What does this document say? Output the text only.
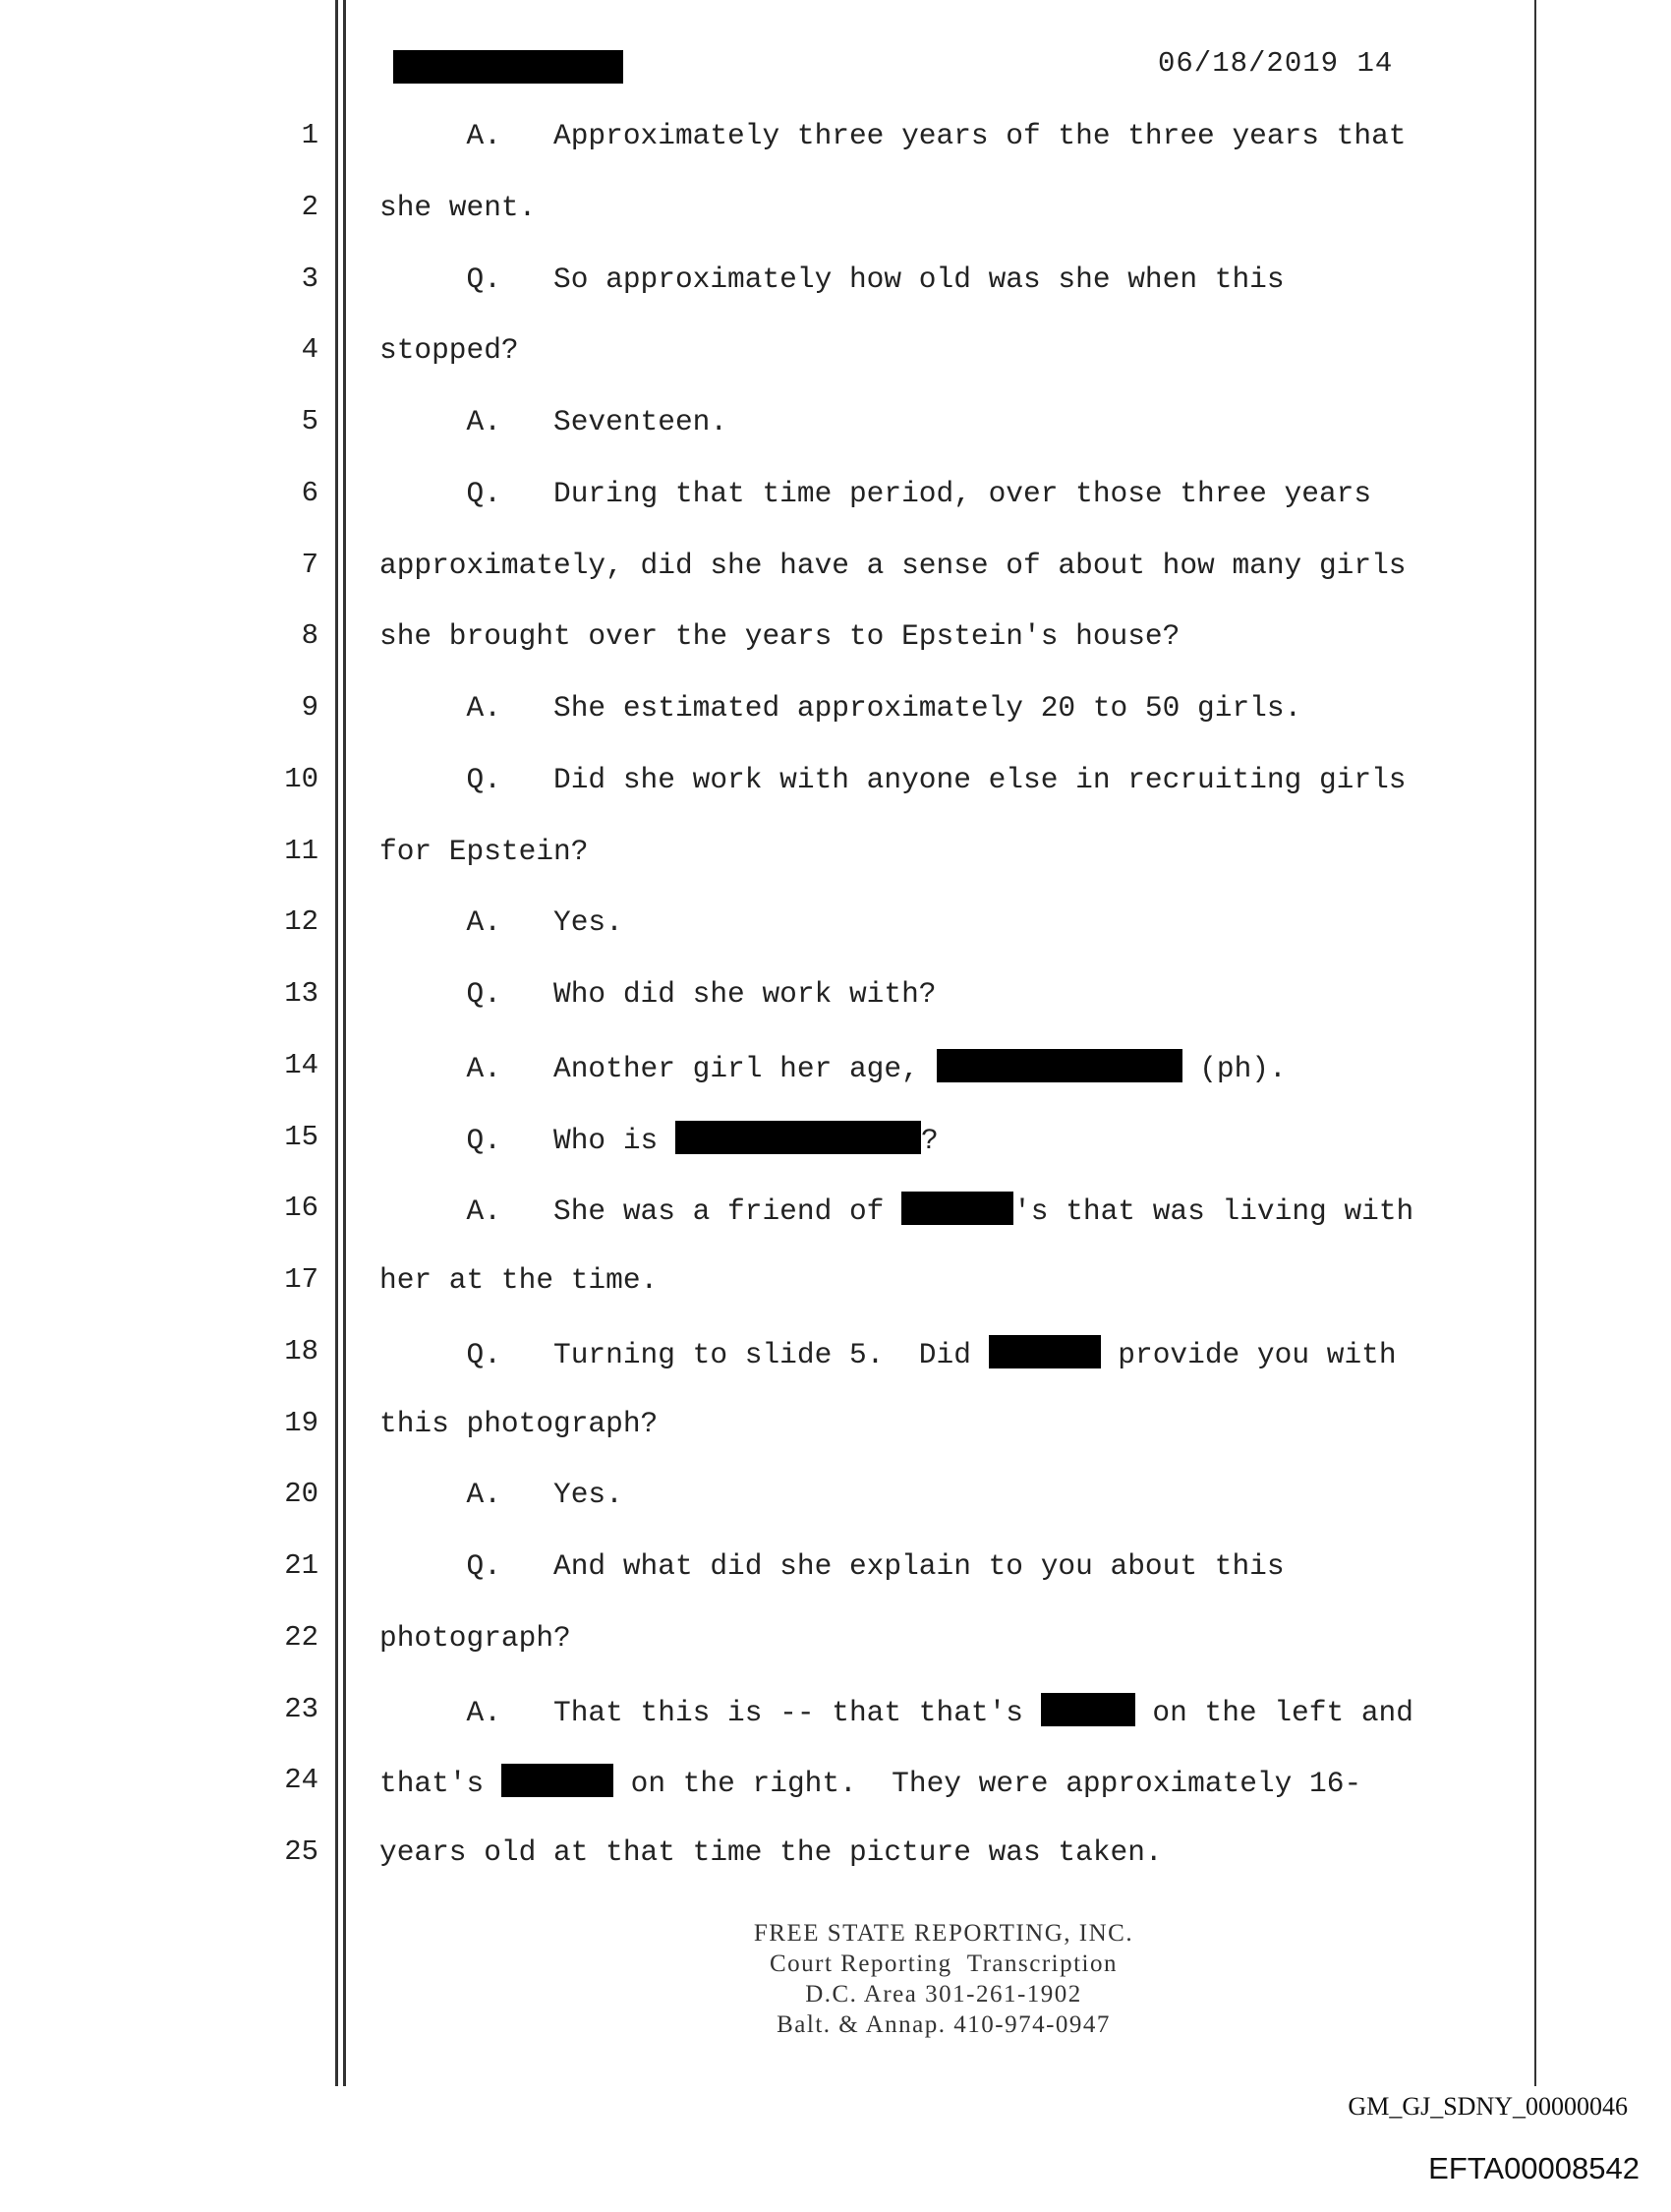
06/18/2019 14
1 A.   Approximately three years of the three years that
2 she went.
3 Q.   So approximately how old was she when this
4 stopped?
5 A.   Seventeen.
6 Q.   During that time period, over those three years
7 approximately, did she have a sense of about how many girls
8 she brought over the years to Epstein's house?
9 A.   She estimated approximately 20 to 50 girls.
10 Q.   Did she work with anyone else in recruiting girls
11 for Epstein?
12 A.   Yes.
13 Q.   Who did she work with?
14 A.   Another girl her age,	(ph).
15 Q.   Who is	?
16 A.   She was a friend of	's that was living with
17 her at the time.
18 Q.   Turning to slide 5.  Did	provide you with
19 this photograph?
20 A.   Yes.
21 Q.   And what did she explain to you about this
22 photograph?
23 A.   That this is -- that that's	on the left and
24 that's	on the right.  They were approximately 16-
25 years old at that time the picture was taken.
FREE STATE REPORTING, INC.
Court Reporting  Transcription
D.C. Area 301-261-1902
Balt. & Annap. 410-974-0947
GM_GJ_SDNY_00000046
EFTA00008542
